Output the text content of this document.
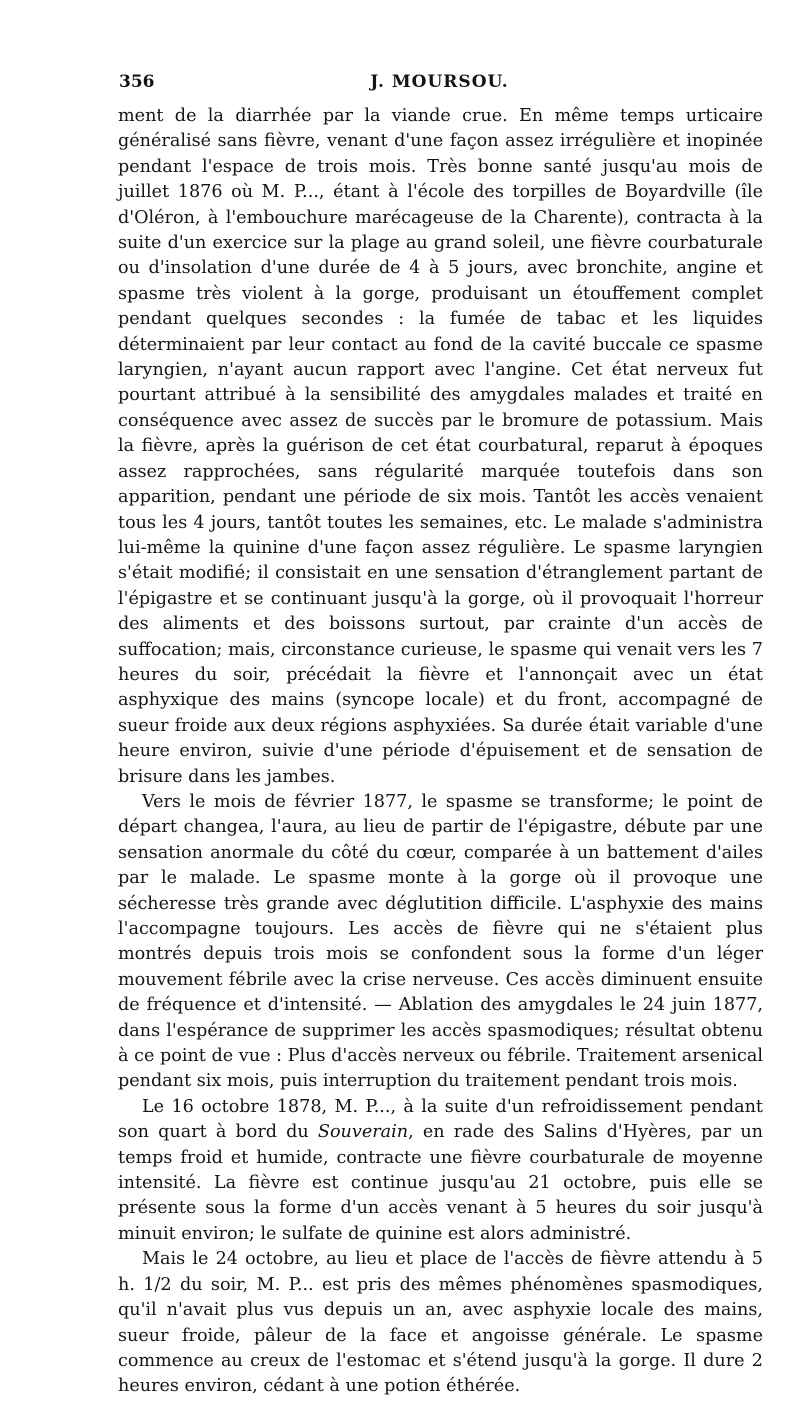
356	J. MOURSOU.

ment de la diarrhée par la viande crue. En même temps urticaire généralisé sans fièvre, venant d'une façon assez irrégulière et inopinée pendant l'espace de trois mois. Très bonne santé jusqu'au mois de juillet 1876 où M. P..., étant à l'école des torpilles de Boyardville (île d'Oléron, à l'embouchure marécageuse de la Charente), contracta à la suite d'un exercice sur la plage au grand soleil, une fièvre courbaturale ou d'insolation d'une durée de 4 à 5 jours, avec bronchite, angine et spasme très violent à la gorge, produisant un étouffement complet pendant quelques secondes : la fumée de tabac et les liquides déterminaient par leur contact au fond de la cavité buccale ce spasme laryngien, n'ayant aucun rapport avec l'angine. Cet état nerveux fut pourtant attribué à la sensibilité des amygdales malades et traité en conséquence avec assez de succès par le bromure de potassium. Mais la fièvre, après la guérison de cet état courbatural, reparut à époques assez rapprochées, sans régularité marquée toutefois dans son apparition, pendant une période de six mois. Tantôt les accès venaient tous les 4 jours, tantôt toutes les semaines, etc. Le malade s'administra lui-même la quinine d'une façon assez régulière. Le spasme laryngien s'était modifié; il consistait en une sensation d'étranglement partant de l'épigastre et se continuant jusqu'à la gorge, où il provoquait l'horreur des aliments et des boissons surtout, par crainte d'un accès de suffocation; mais, circonstance curieuse, le spasme qui venait vers les 7 heures du soir, précédait la fièvre et l'annonçait avec un état asphyxique des mains (syncope locale) et du front, accompagné de sueur froide aux deux régions asphyxiées. Sa durée était variable d'une heure environ, suivie d'une période d'épuisement et de sensation de brisure dans les jambes.

Vers le mois de février 1877, le spasme se transforme; le point de départ changea, l'aura, au lieu de partir de l'épigastre, débute par une sensation anormale du côté du cœur, comparée à un battement d'ailes par le malade. Le spasme monte à la gorge où il provoque une sécheresse très grande avec déglutition difficile. L'asphyxie des mains l'accompagne toujours. Les accès de fièvre qui ne s'étaient plus montrés depuis trois mois se confondent sous la forme d'un léger mouvement fébrile avec la crise nerveuse. Ces accès diminuent ensuite de fréquence et d'intensité. — Ablation des amygdales le 24 juin 1877, dans l'espérance de supprimer les accès spasmodiques; résultat obtenu à ce point de vue : Plus d'accès nerveux ou fébrile. Traitement arsenical pendant six mois, puis interruption du traitement pendant trois mois.

Le 16 octobre 1878, M. P..., à la suite d'un refroidissement pendant son quart à bord du Souverain, en rade des Salins d'Hyères, par un temps froid et humide, contracte une fièvre courbaturale de moyenne intensité. La fièvre est continue jusqu'au 21 octobre, puis elle se présente sous la forme d'un accès venant à 5 heures du soir jusqu'à minuit environ; le sulfate de quinine est alors administré.

Mais le 24 octobre, au lieu et place de l'accès de fièvre attendu à 5 h. 1/2 du soir, M. P... est pris des mêmes phénomènes spasmodiques, qu'il n'avait plus vus depuis un an, avec asphyxie locale des mains, sueur froide, pâleur de la face et angoisse générale. Le spasme commence au creux de l'estomac et s'étend jusqu'à la gorge. Il dure 2 heures environ, cédant à une potion éthérée.
